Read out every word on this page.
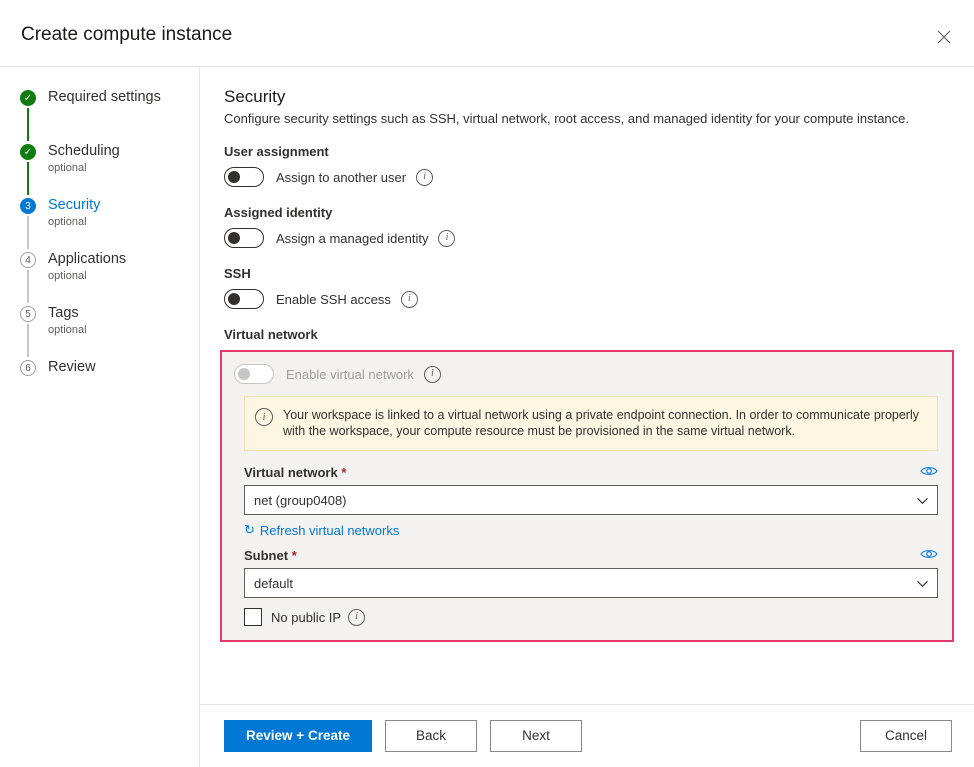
Create compute instance
✓ Required settings
✓ Scheduling
optional
3	Security
optional
4	Applications
optional
5	Tags
optional
6	Review
Security
Configure security settings such as SSH, virtual network, root access, and managed identity for your compute instance.
User assignment
Assign to another user	i
Assigned identity
Assign a managed identity	i
SSH
Enable SSH access	i
Virtual network
Enable virtual network	i
i	Your workspace is linked to a virtual network using a private endpoint connection. In order to communicate properly with the workspace, your compute resource must be provisioned in the same virtual network.
Virtual network *
net (group0408)
↻ Refresh virtual networks
Subnet *
default
No public IP	i
Review + Create	Back	Next	Cancel
